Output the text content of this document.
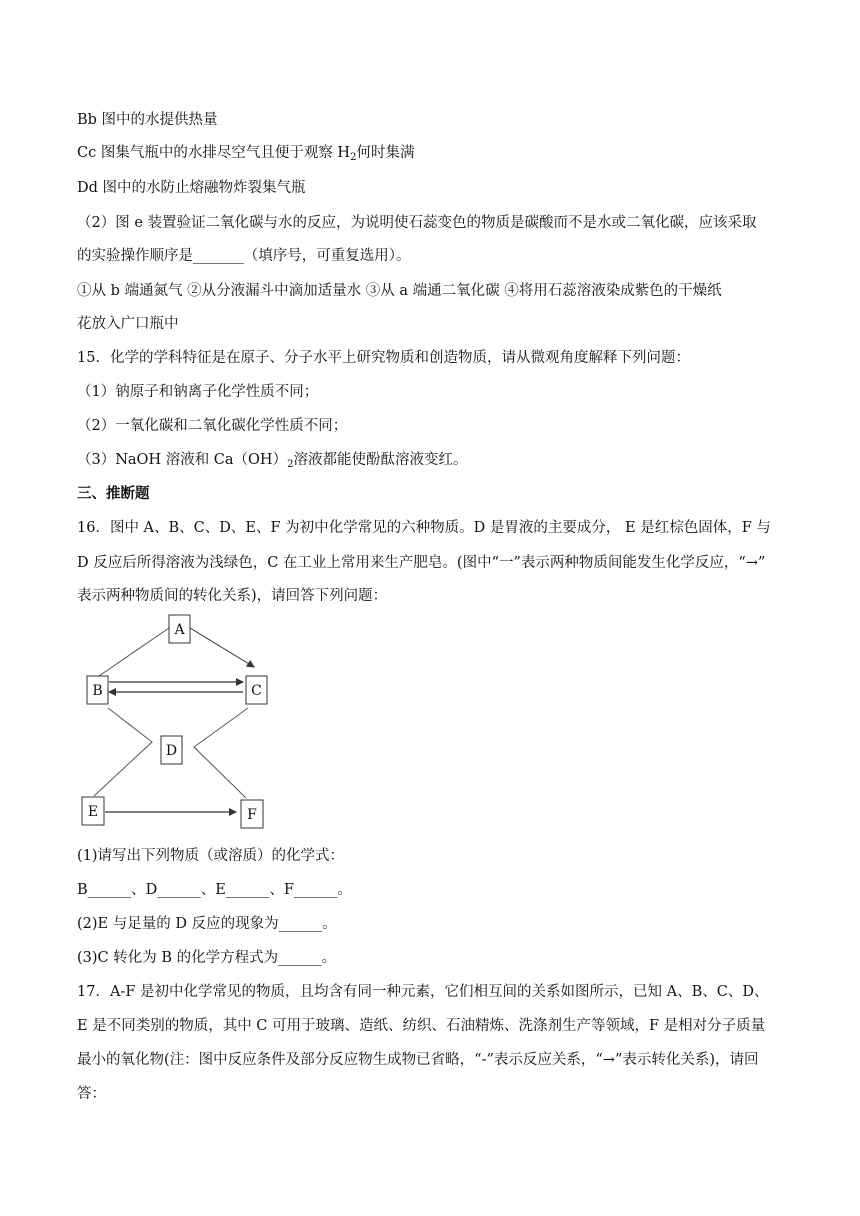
Bb 图中的水提供热量
Cc 图集气瓶中的水排尽空气且便于观察 $H_2$何时集满
Dd 图中的水防止熔融物炸裂集气瓶
（2）图 e 装置验证二氧化碳与水的反应，为说明使石蕊变色的物质是碳酸而不是水或二氧化碳，应该采取
的实验操作顺序是_______（填序号，可重复选用）。
①从 b 端通氮气 ②从分液漏斗中滴加适量水 ③从 a 端通二氧化碳 ④将用石蕊溶液染成紫色的干燥纸
花放入广口瓶中
15．化学的学科特征是在原子、分子水平上研究物质和创造物质，请从微观角度解释下列问题：
（1）钠原子和钠离子化学性质不同；
（2）一氧化碳和二氧化碳化学性质不同；
（3）NaOH 溶液和 $Ca(OH)_2$溶液都能使酚酞溶液变红。
三、推断题
16．图中 A、B、C、D、E、F 为初中化学常见的六种物质。D 是胃液的主要成分， E 是红棕色固体，F 与
D 反应后所得溶液为浅绿色，C 在工业上常用来生产肥皂。(图中“一”表示两种物质间能发生化学反应，“→”
表示两种物质间的转化关系)，请回答下列问题：
A
B	C
D
E	F
(1)请写出下列物质（或溶质）的化学式：
B______、D______、E______、F______。
(2)E 与足量的 D 反应的现象为______。
(3)C 转化为 B 的化学方程式为______。
17．A-F 是初中化学常见的物质，且均含有同一种元素，它们相互间的关系如图所示，已知 A、B、C、D、
E 是不同类别的物质，其中 C 可用于玻璃、造纸、纺织、石油精炼、洗涤剂生产等领域，F 是相对分子质量
最小的氧化物(注：图中反应条件及部分反应物生成物已省略，“-”表示反应关系，“→”表示转化关系)，请回
答：
